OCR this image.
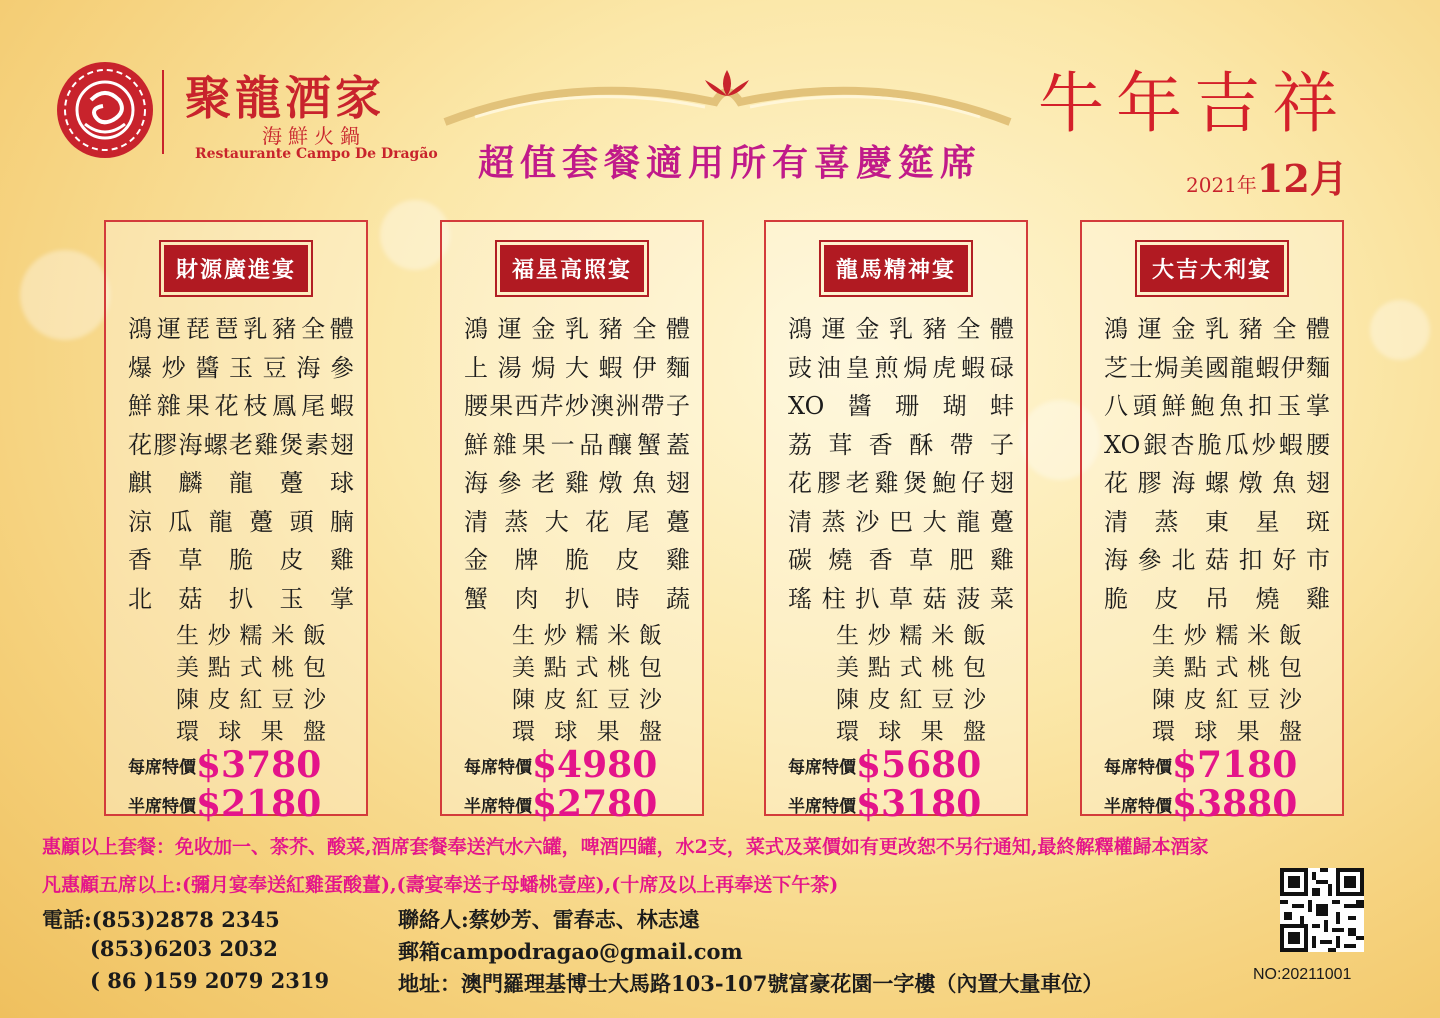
聚龍酒家
海鮮火鍋
Restaurante Campo De Dragão 超值套餐適用所有喜慶筵席
牛年吉祥
2021年12月
財源廣進宴
鴻運琵琶乳豬全體
爆炒醬玉豆海參
鮮雜果花枝鳳尾蝦
花膠海螺老雞煲素翅
麒麟龍躉球
涼瓜龍躉頭腩
香草脆皮雞
北菇扒玉掌
生炒糯米飯
美點式桃包
陳皮紅豆沙
環球果盤
每席特價$3780
半席特價$2180
福星高照宴
鴻運金乳豬全體
上湯焗大蝦伊麵
腰果西芹炒澳洲帶子
鮮雜果一品釀蟹蓋
海參老雞燉魚翅
清蒸大花尾躉
金牌脆皮雞
蟹肉扒時蔬
生炒糯米飯
美點式桃包
陳皮紅豆沙
環球果盤
每席特價$4980
半席特價$2780
龍馬精神宴
鴻運金乳豬全體
豉油皇煎焗虎蝦碌
XO醬珊瑚蚌
荔茸香酥帶子
花膠老雞煲鮑仔翅
清蒸沙巴大龍躉
碳燒香草肥雞
瑤柱扒草菇菠菜
生炒糯米飯
美點式桃包
陳皮紅豆沙
環球果盤
每席特價$5680
半席特價$3180
大吉大利宴
鴻運金乳豬全體
芝士焗美國龍蝦伊麵
八頭鮮鮑魚扣玉掌
XO銀杏脆瓜炒蝦腰
花膠海螺燉魚翅
清蒸東星斑
海參北菇扣好市
脆皮吊燒雞
生炒糯米飯
美點式桃包
陳皮紅豆沙
環球果盤
每席特價$7180
半席特價$3880
惠顧以上套餐：免收加一、茶芥、酸菜,酒席套餐奉送汽水六罐，啤酒四罐，水2支，菜式及菜價如有更改恕不另行通知,最終解釋權歸本酒家
凡惠顧五席以上:(彌月宴奉送紅雞蛋酸薑),(壽宴奉送子母蟠桃壹座),(十席及以上再奉送下午茶)
電話:(853)2878 2345
(853)6203 2032
( 86 )159 2079 2319
聯絡人:蔡妙芳、雷春志、林志遠
郵箱campodragao@gmail.com
地址：澳門羅理基博士大馬路103-107號富豪花園一字樓（內置大量車位）	NO:20211001
